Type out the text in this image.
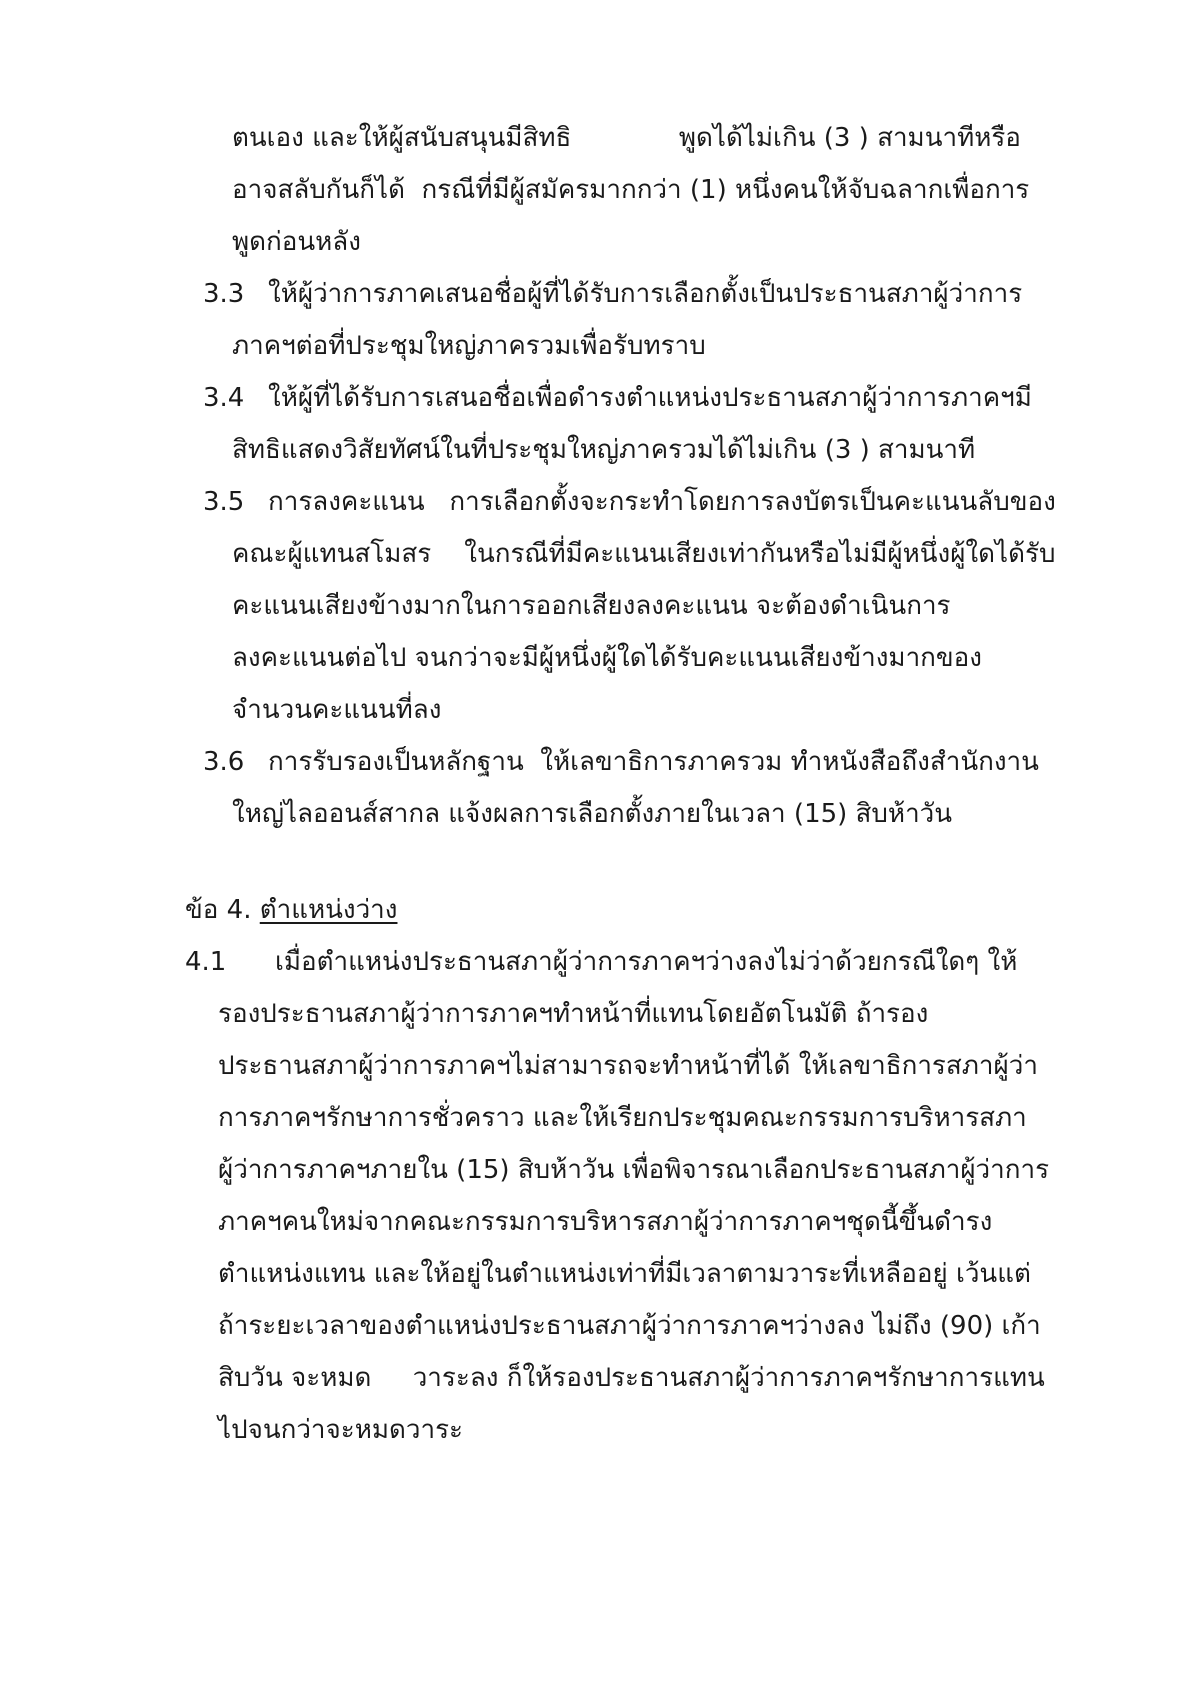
ตนเอง และให้ผู้สนับสนุนมีสิทธิ             พูดได้ไม่เกิน (3 ) สามนาทีหรือ
อาจสลับกันก็ได้  กรณีที่มีผู้สมัครมากกว่า (1) หนึ่งคนให้จับฉลากเพื่อการ
พูดก่อนหลัง
3.3 ให้ผู้ว่าการภาคเสนอชื่อผู้ที่ได้รับการเลือกตั้งเป็นประธานสภาผู้ว่าการ
ภาคฯต่อที่ประชุมใหญ่ภาครวมเพื่อรับทราบ
3.4 ให้ผู้ที่ได้รับการเสนอชื่อเพื่อดำรงตำแหน่งประธานสภาผู้ว่าการภาคฯมี
สิทธิแสดงวิสัยทัศน์ในที่ประชุมใหญ่ภาครวมได้ไม่เกิน (3 ) สามนาที
3.5 การลงคะแนน   การเลือกตั้งจะกระทำโดยการลงบัตรเป็นคะแนนลับของ
คณะผู้แทนสโมสร    ในกรณีที่มีคะแนนเสียงเท่ากันหรือไม่มีผู้หนึ่งผู้ใดได้รับ
คะแนนเสียงข้างมากในการออกเสียงลงคะแนน จะต้องดำเนินการ
ลงคะแนนต่อไป จนกว่าจะมีผู้หนึ่งผู้ใดได้รับคะแนนเสียงข้างมากของ
จำนวนคะแนนที่ลง
3.6 การรับรองเป็นหลักฐาน  ให้เลขาธิการภาครวม ทำหนังสือถึงสำนักงาน
ใหญ่ไลออนส์สากล แจ้งผลการเลือกตั้งภายในเวลา (15) สิบห้าวัน
ข้อ 4. ตำแหน่งว่าง
4.1 เมื่อตำแหน่งประธานสภาผู้ว่าการภาคฯว่างลงไม่ว่าด้วยกรณีใดๆ ให้
รองประธานสภาผู้ว่าการภาคฯทำหน้าที่แทนโดยอัตโนมัติ ถ้ารอง
ประธานสภาผู้ว่าการภาคฯไม่สามารถจะทำหน้าที่ได้ ให้เลขาธิการสภาผู้ว่า
การภาคฯรักษาการชั่วคราว และให้เรียกประชุมคณะกรรมการบริหารสภา
ผู้ว่าการภาคฯภายใน (15) สิบห้าวัน เพื่อพิจารณาเลือกประธานสภาผู้ว่าการ
ภาคฯคนใหม่จากคณะกรรมการบริหารสภาผู้ว่าการภาคฯชุดนี้ขึ้นดำรง
ตำแหน่งแทน และให้อยู่ในตำแหน่งเท่าที่มีเวลาตามวาระที่เหลืออยู่ เว้นแต่
ถ้าระยะเวลาของตำแหน่งประธานสภาผู้ว่าการภาคฯว่างลง ไม่ถึง (90) เก้า
สิบวัน จะหมด     วาระลง ก็ให้รองประธานสภาผู้ว่าการภาคฯรักษาการแทน
ไปจนกว่าจะหมดวาระ
